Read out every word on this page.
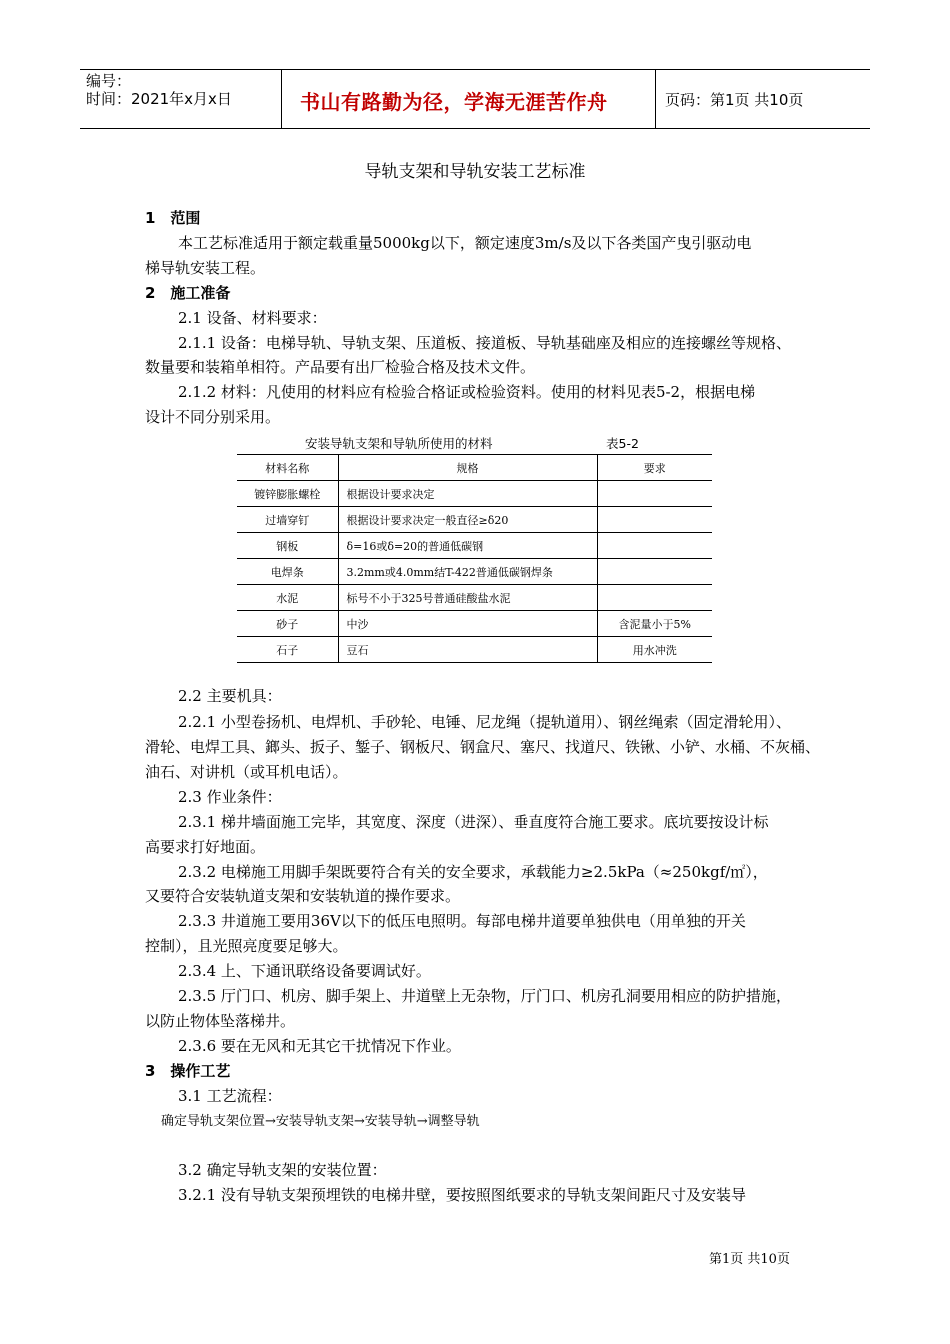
编号：
时间：2021年x月x日	书山有路勤为径，学海无涯苦作舟	页码：第1页 共10页
导轨支架和导轨安装工艺标准
1　范围
本工艺标准适用于额定载重量5000kg以下，额定速度3m/s及以下各类国产曳引驱动电
梯导轨安装工程。
2　施工准备
2.1 设备、材料要求：
2.1.1 设备：电梯导轨、导轨支架、压道板、接道板、导轨基础座及相应的连接螺丝等规格、
数量要和装箱单相符。产品要有出厂检验合格及技术文件。
2.1.2 材料：凡使用的材料应有检验合格证或检验资料。使用的材料见表5-2，根据电梯
设计不同分别采用。
安装导轨支架和导轨所使用的材料	表5-2
材料名称	规格	要求
镀锌膨胀螺栓	根据设计要求决定	
过墙穿钉	根据设计要求决定一般直径≥δ20	
钢板	δ=16或δ=20的普通低碳钢	
电焊条	3.2mm或4.0mm结T-422普通低碳钢焊条	
水泥	标号不小于325号普通硅酸盐水泥	
砂子	中沙	含泥量小于5%
石子	豆石	用水冲洗
2.2 主要机具：
2.2.1 小型卷扬机、电焊机、手砂轮、电锤、尼龙绳（提轨道用）、钢丝绳索（固定滑轮用）、
滑轮、电焊工具、鎯头、扳子、錾子、钢板尺、钢盒尺、塞尺、找道尺、铁锹、小铲、水桶、不灰桶、
油石、对讲机（或耳机电话）。
2.3 作业条件：
2.3.1 梯井墙面施工完毕，其宽度、深度（进深）、垂直度符合施工要求。底坑要按设计标
高要求打好地面。
2.3.2 电梯施工用脚手架既要符合有关的安全要求，承载能力≥2.5kPa（≈250kgf/㎡），
又要符合安装轨道支架和安装轨道的操作要求。
2.3.3 井道施工要用36V以下的低压电照明。每部电梯井道要单独供电（用单独的开关
控制），且光照亮度要足够大。
2.3.4 上、下通讯联络设备要调试好。
2.3.5 厅门口、机房、脚手架上、井道壁上无杂物，厅门口、机房孔洞要用相应的防护措施，
以防止物体坠落梯井。
2.3.6 要在无风和无其它干扰情况下作业。
3　操作工艺
3.1 工艺流程：
确定导轨支架位置→安装导轨支架→安装导轨→调整导轨
3.2 确定导轨支架的安装位置：
3.2.1 没有导轨支架预埋铁的电梯井壁，要按照图纸要求的导轨支架间距尺寸及安装导
第1页 共10页
